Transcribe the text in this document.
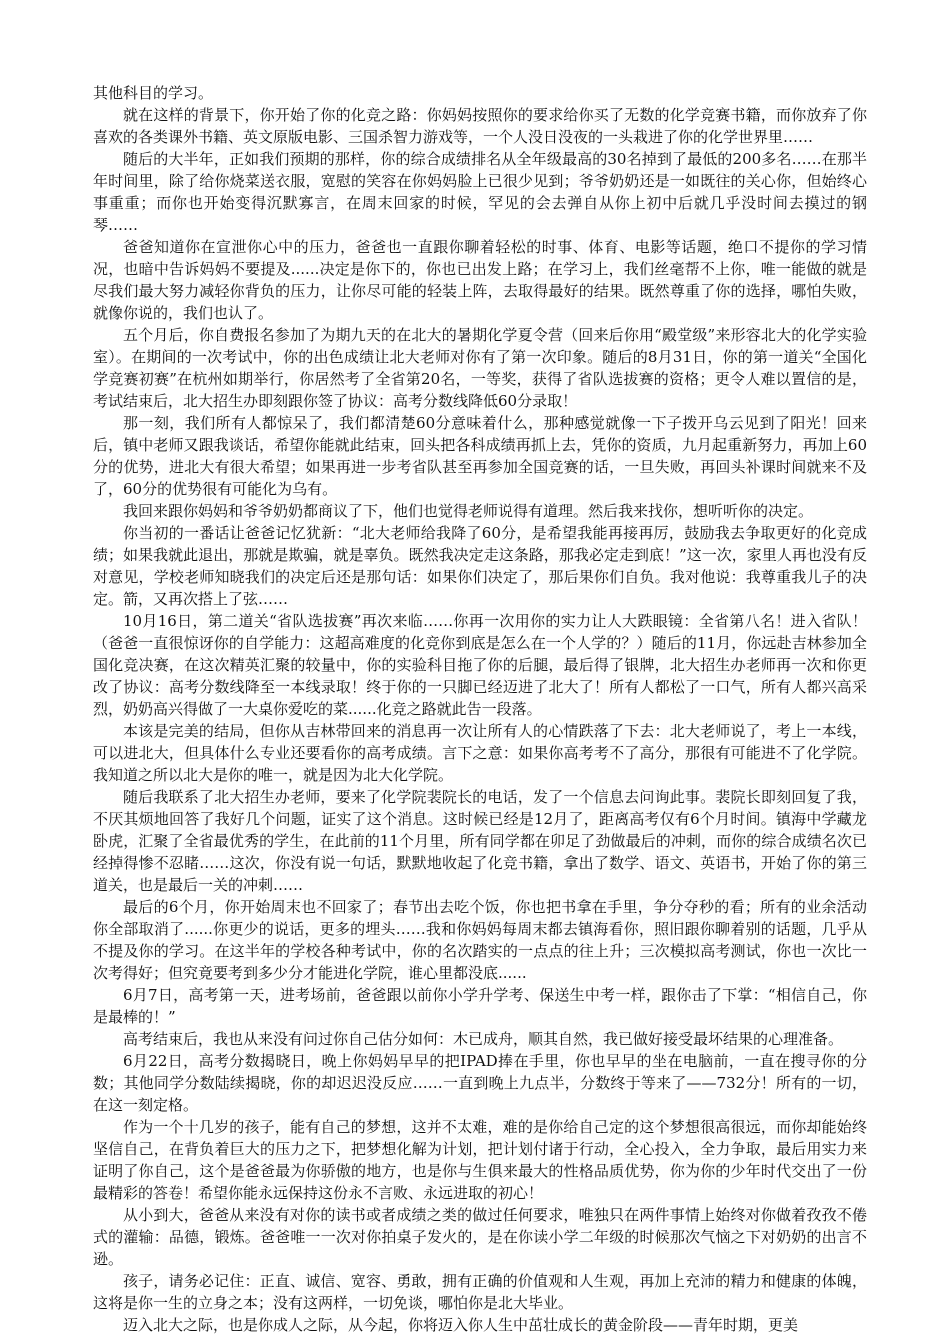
其他科目的学习。

就在这样的背景下，你开始了你的化竞之路：你妈妈按照你的要求给你买了无数的化学竞赛书籍，而你放弃了你喜欢的各类课外书籍、英文原版电影、三国杀智力游戏等，一个人没日没夜的一头栽进了你的化学世界里……

随后的大半年，正如我们预期的那样，你的综合成绩排名从全年级最高的30名掉到了最低的200多名……在那半年时间里，除了给你烧菜送衣服，宽慰的笑容在你妈妈脸上已很少见到；爷爷奶奶还是一如既往的关心你，但始终心事重重；而你也开始变得沉默寡言，在周末回家的时候，罕见的会去弹自从你上初中后就几乎没时间去摸过的钢琴……

爸爸知道你在宣泄你心中的压力，爸爸也一直跟你聊着轻松的时事、体育、电影等话题，绝口不提你的学习情况，也暗中告诉妈妈不要提及......决定是你下的，你也已出发上路；在学习上，我们丝毫帮不上你，唯一能做的就是尽我们最大努力减轻你背负的压力，让你尽可能的轻装上阵，去取得最好的结果。既然尊重了你的选择，哪怕失败，就像你说的，我们也认了。

五个月后，你自费报名参加了为期九天的在北大的暑期化学夏令营（回来后你用“殿堂级”来形容北大的化学实验室）。在期间的一次考试中，你的出色成绩让北大老师对你有了第一次印象。随后的8月31日，你的第一道关“全国化学竞赛初赛”在杭州如期举行，你居然考了全省第20名，一等奖，获得了省队选拔赛的资格；更令人难以置信的是，考试结束后，北大招生办即刻跟你签了协议：高考分数线降低60分录取！

那一刻，我们所有人都惊呆了，我们都清楚60分意味着什么，那种感觉就像一下子拨开乌云见到了阳光！回来后，镇中老师又跟我谈话，希望你能就此结束，回头把各科成绩再抓上去，凭你的资质，九月起重新努力，再加上60分的优势，进北大有很大希望；如果再进一步考省队甚至再参加全国竞赛的话，一旦失败，再回头补课时间就来不及了，60分的优势很有可能化为乌有。

我回来跟你妈妈和爷爷奶奶都商议了下，他们也觉得老师说得有道理。然后我来找你，想听听你的决定。

你当初的一番话让爸爸记忆犹新：“北大老师给我降了60分，是希望我能再接再厉，鼓励我去争取更好的化竞成绩；如果我就此退出，那就是欺骗，就是辜负。既然我决定走这条路，那我必定走到底！”这一次，家里人再也没有反对意见，学校老师知晓我们的决定后还是那句话：如果你们决定了，那后果你们自负。我对他说：我尊重我儿子的决定。箭，又再次搭上了弦……

10月16日，第二道关“省队选拔赛”再次来临……你再一次用你的实力让人大跌眼镜：全省第八名！进入省队！（爸爸一直很惊讶你的自学能力：这超高难度的化竞你到底是怎么在一个人学的？）随后的11月，你远赴吉林参加全国化竞决赛，在这次精英汇聚的较量中，你的实验科目拖了你的后腿，最后得了银牌，北大招生办老师再一次和你更改了协议：高考分数线降至一本线录取！终于你的一只脚已经迈进了北大了！所有人都松了一口气，所有人都兴高采烈，奶奶高兴得做了一大桌你爱吃的菜......化竞之路就此告一段落。

本该是完美的结局，但你从吉林带回来的消息再一次让所有人的心情跌落了下去：北大老师说了，考上一本线，可以进北大，但具体什么专业还要看你的高考成绩。言下之意：如果你高考考不了高分，那很有可能进不了化学院。我知道之所以北大是你的唯一，就是因为北大化学院。

随后我联系了北大招生办老师，要来了化学院裴院长的电话，发了一个信息去问询此事。裴院长即刻回复了我，不厌其烦地回答了我好几个问题，证实了这个消息。这时候已经是12月了，距离高考仅有6个月时间。镇海中学藏龙卧虎，汇聚了全省最优秀的学生，在此前的11个月里，所有同学都在卯足了劲做最后的冲刺，而你的综合成绩名次已经掉得惨不忍睹……这次，你没有说一句话，默默地收起了化竞书籍，拿出了数学、语文、英语书，开始了你的第三道关，也是最后一关的冲刺……

最后的6个月，你开始周末也不回家了；春节出去吃个饭，你也把书拿在手里，争分夺秒的看；所有的业余活动你全部取消了......你更少的说话，更多的埋头……我和你妈妈每周末都去镇海看你，照旧跟你聊着别的话题，几乎从不提及你的学习。在这半年的学校各种考试中，你的名次踏实的一点点的往上升；三次模拟高考测试，你也一次比一次考得好；但究竟要考到多少分才能进化学院，谁心里都没底......

6月7日，高考第一天，进考场前，爸爸跟以前你小学升学考、保送生中考一样，跟你击了下掌：“相信自己，你是最棒的！”

高考结束后，我也从来没有问过你自己估分如何：木已成舟，顺其自然，我已做好接受最坏结果的心理准备。

6月22日，高考分数揭晓日，晚上你妈妈早早的把IPAD捧在手里，你也早早的坐在电脑前，一直在搜寻你的分数；其他同学分数陆续揭晓，你的却迟迟没反应……一直到晚上九点半，分数终于等来了——732分！所有的一切，在这一刻定格。

作为一个十几岁的孩子，能有自己的梦想，这并不太难，难的是你给自己定的这个梦想很高很远，而你却能始终坚信自己，在背负着巨大的压力之下，把梦想化解为计划，把计划付诸于行动，全心投入，全力争取，最后用实力来证明了你自己，这个是爸爸最为你骄傲的地方，也是你与生俱来最大的性格品质优势，你为你的少年时代交出了一份最精彩的答卷！希望你能永远保持这份永不言败、永远进取的初心！

从小到大，爸爸从来没有对你的读书或者成绩之类的做过任何要求，唯独只在两件事情上始终对你做着孜孜不倦式的灌输：品德，锻炼。爸爸唯一一次对你拍桌子发火的，是在你读小学二年级的时候那次气恼之下对奶奶的出言不逊。

孩子，请务必记住：正直、诚信、宽容、勇敢，拥有正确的价值观和人生观，再加上充沛的精力和健康的体魄，这将是你一生的立身之本；没有这两样，一切免谈，哪怕你是北大毕业。

迈入北大之际，也是你成人之际，从今起，你将迈入你人生中茁壮成长的黄金阶段——青年时期，更美
